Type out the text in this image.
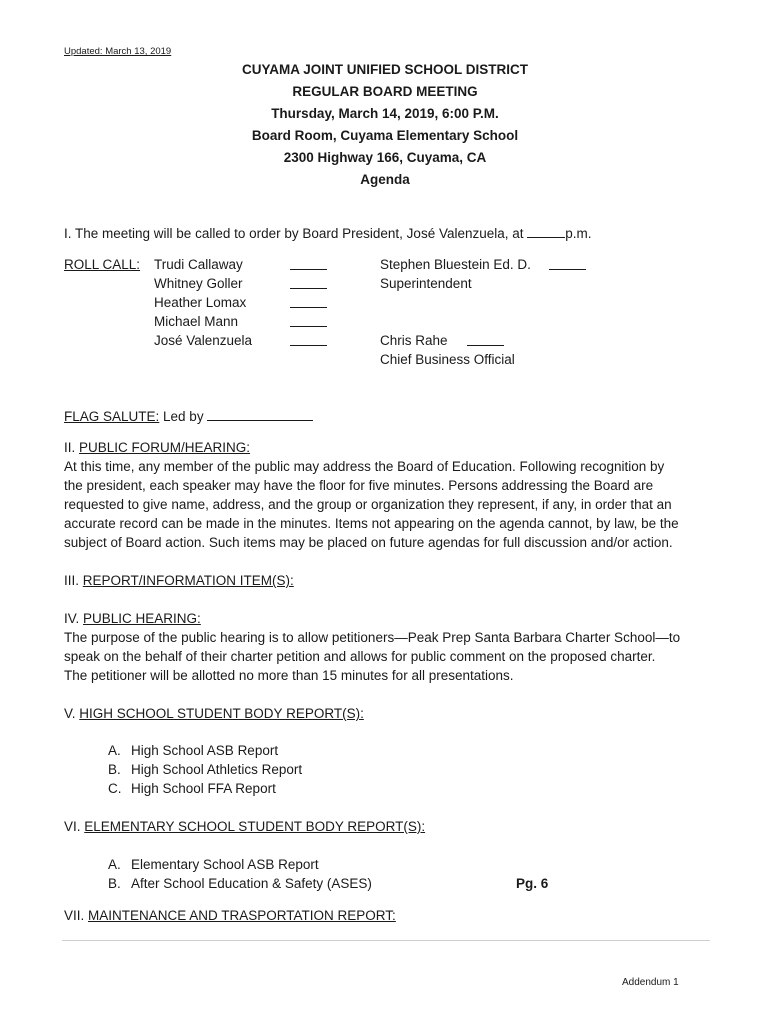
Updated: March 13, 2019
CUYAMA JOINT UNIFIED SCHOOL DISTRICT
REGULAR BOARD MEETING
Thursday, March 14, 2019, 6:00 P.M.
Board Room, Cuyama Elementary School
2300 Highway 166, Cuyama, CA
Agenda
I. The meeting will be called to order by Board President, José Valenzuela, at	p.m.
ROLL CALL: Trudi Callaway
Whitney Goller
Heather Lomax
Michael Mann
José Valenzuela
Stephen Bluestein Ed. D.
Superintendent
Chris Rahe
Chief Business Official
FLAG SALUTE: Led by
II. PUBLIC FORUM/HEARING:
At this time, any member of the public may address the Board of Education. Following recognition by
the president, each speaker may have the floor for five minutes. Persons addressing the Board are
requested to give name, address, and the group or organization they represent, if any, in order that an
accurate record can be made in the minutes. Items not appearing on the agenda cannot, by law, be the
subject of Board action. Such items may be placed on future agendas for full discussion and/or action.
III. REPORT/INFORMATION ITEM(S):
IV. PUBLIC HEARING:
The purpose of the public hearing is to allow petitioners—Peak Prep Santa Barbara Charter School—to
speak on the behalf of their charter petition and allows for public comment on the proposed charter.
The petitioner will be allotted no more than 15 minutes for all presentations.
V. HIGH SCHOOL STUDENT BODY REPORT(S):
A. High School ASB Report
B. High School Athletics Report
C. High School FFA Report
VI. ELEMENTARY SCHOOL STUDENT BODY REPORT(S):
A. Elementary School ASB Report
B. After School Education & Safety (ASES)	Pg. 6
VII. MAINTENANCE AND TRASPORTATION REPORT:
Addendum 1
